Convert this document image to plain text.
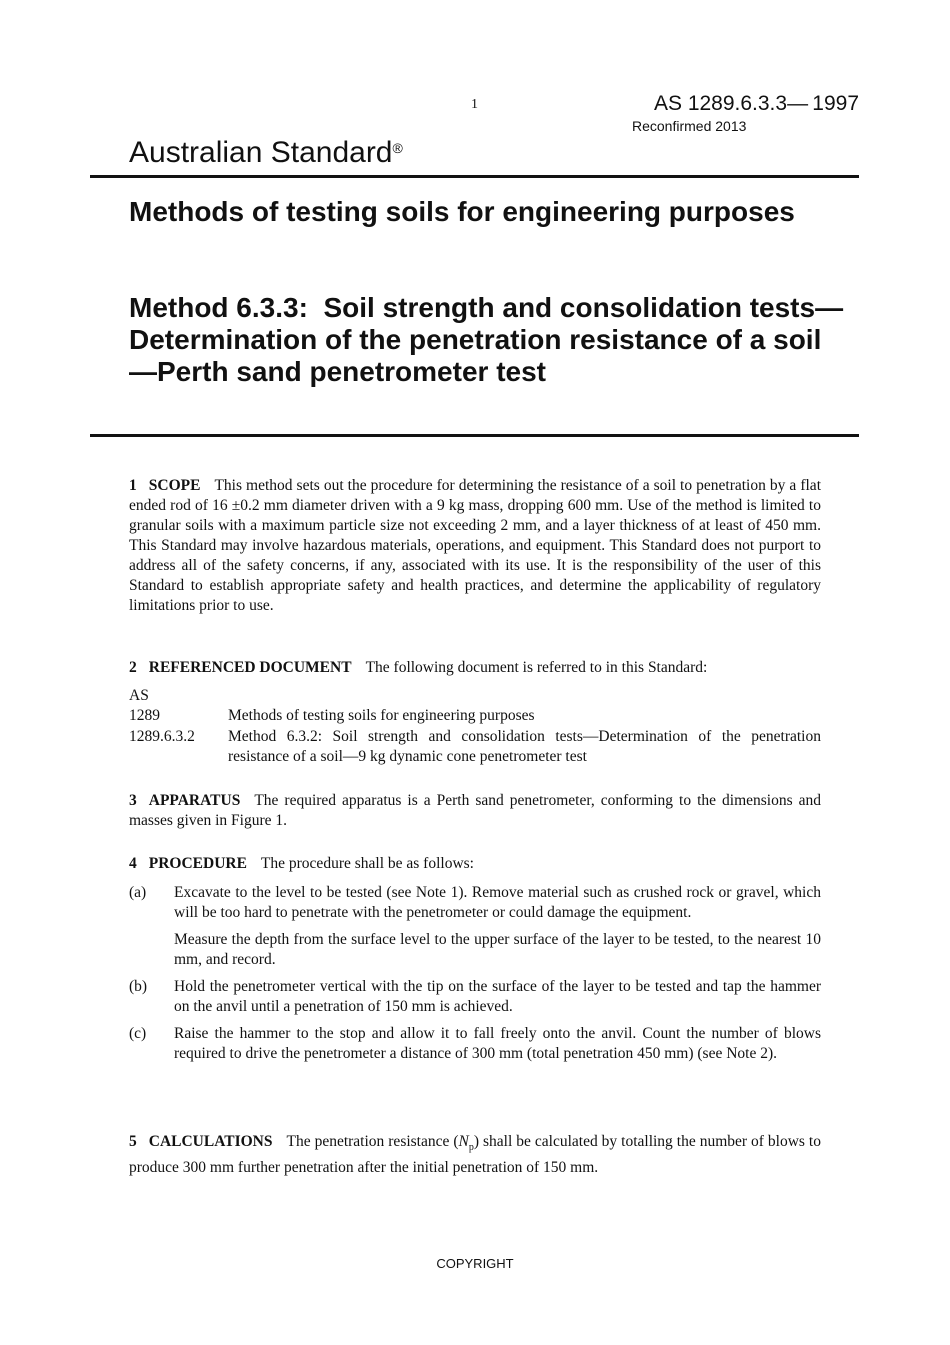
1	AS 1289.6.3.3— 1997
Reconfirmed 2013
Australian Standard®
Methods of testing soils for engineering purposes
Method 6.3.3:  Soil strength and consolidation tests—Determination of the penetration resistance of a soil—Perth sand penetrometer test
1 SCOPE This method sets out the procedure for determining the resistance of a soil to penetration by a flat ended rod of 16 ±0.2 mm diameter driven with a 9 kg mass, dropping 600 mm. Use of the method is limited to granular soils with a maximum particle size not exceeding 2 mm, and a layer thickness of at least of 450 mm. This Standard may involve hazardous materials, operations, and equipment. This Standard does not purport to address all of the safety concerns, if any, associated with its use. It is the responsibility of the user of this Standard to establish appropriate safety and health practices, and determine the applicability of regulatory limitations prior to use.
2 REFERENCED DOCUMENT The following document is referred to in this Standard:
AS
1289	Methods of testing soils for engineering purposes
1289.6.3.2	Method 6.3.2: Soil strength and consolidation tests—Determination of the penetration resistance of a soil—9 kg dynamic cone penetrometer test
3 APPARATUS The required apparatus is a Perth sand penetrometer, conforming to the dimensions and masses given in Figure 1.
4 PROCEDURE The procedure shall be as follows:
(a)	Excavate to the level to be tested (see Note 1). Remove material such as crushed rock or gravel, which will be too hard to penetrate with the penetrometer or could damage the equipment.
Measure the depth from the surface level to the upper surface of the layer to be tested, to the nearest 10 mm, and record.
(b)	Hold the penetrometer vertical with the tip on the surface of the layer to be tested and tap the hammer on the anvil until a penetration of 150 mm is achieved.
(c)	Raise the hammer to the stop and allow it to fall freely onto the anvil. Count the number of blows required to drive the penetrometer a distance of 300 mm (total penetration 450 mm) (see Note 2).
5 CALCULATIONS The penetration resistance $(N_p)$ shall be calculated by totalling the number of blows to produce 300 mm further penetration after the initial penetration of 150 mm.
COPYRIGHT
